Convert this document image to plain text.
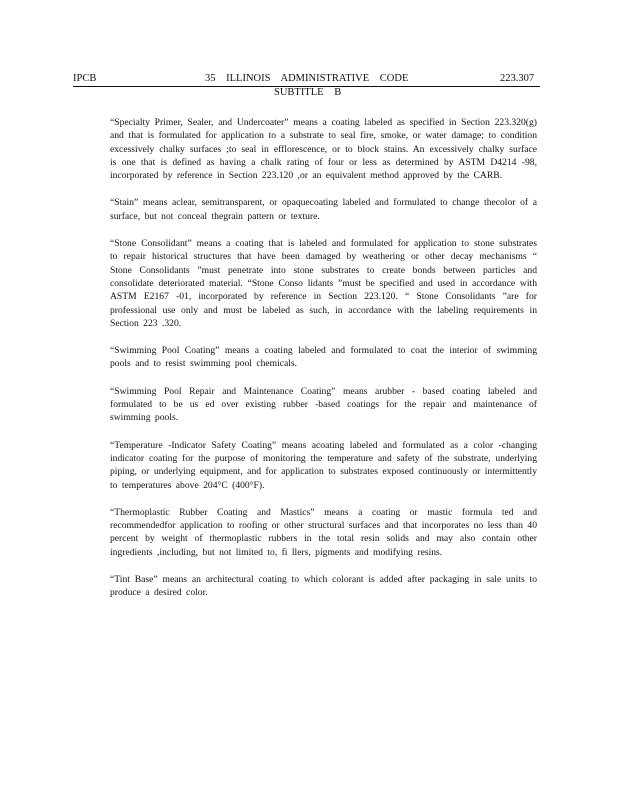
IPCB	35 ILLINOIS ADMINISTRATIVE CODE	223.307
SUBTITLE B

“Specialty Primer, Sealer, and Undercoater” means a coating labeled as specified in Section 223.320(g) and that is formulated for application to a substrate to seal fire, smoke, or water damage; to condition excessively chalky surfaces ;to seal in efflorescence, or to block stains. An excessively chalky surface is one that is defined as having a chalk rating of four or less as determined by ASTM D4214 -98, incorporated by reference in Section 223.120 ,or an equivalent method approved by the CARB.

“Stain” means aclear, semitransparent, or opaquecoating labeled and formulated to change thecolor of a surface, but not conceal thegrain pattern or texture.

“Stone Consolidant” means a coating that is labeled and formulated for application to stone substrates to repair historical structures that have been damaged by weathering or other decay mechanisms “ Stone Consolidants ”must penetrate into stone substrates to create bonds between particles and consolidate deteriorated material. “Stone Conso lidants ”must be specified and used in accordance with ASTM E2167 -01, incorporated by reference in Section 223.120. “ Stone Consolidants ”are for professional use only and must be labeled as such, in accordance with the labeling requirements in Section 223 .320.

“Swimming Pool Coating” means a coating labeled and formulated to coat the interior of swimming pools and to resist swimming pool chemicals.

“Swimming Pool Repair and Maintenance Coating” means arubber - based coating labeled and formulated to be us ed over existing rubber -based coatings for the repair and maintenance of swimming pools.

“Temperature -Indicator Safety Coating” means acoating labeled and formulated as a color -changing indicator coating for the purpose of monitoring the temperature and safety of the substrate, underlying piping, or underlying equipment, and for application to substrates exposed continuously or intermittently to temperatures above 204°C (400°F).

“Thermoplastic Rubber Coating and Mastics” means a coating or mastic formula ted and recommendedfor application to roofing or other structural surfaces and that incorporates no less than 40 percent by weight of thermoplastic rubbers in the total resin solids and may also contain other ingredients ,including, but not limited to, fi llers, pigments and modifying resins.

“Tint Base” means an architectural coating to which colorant is added after packaging in sale units to produce a desired color.
